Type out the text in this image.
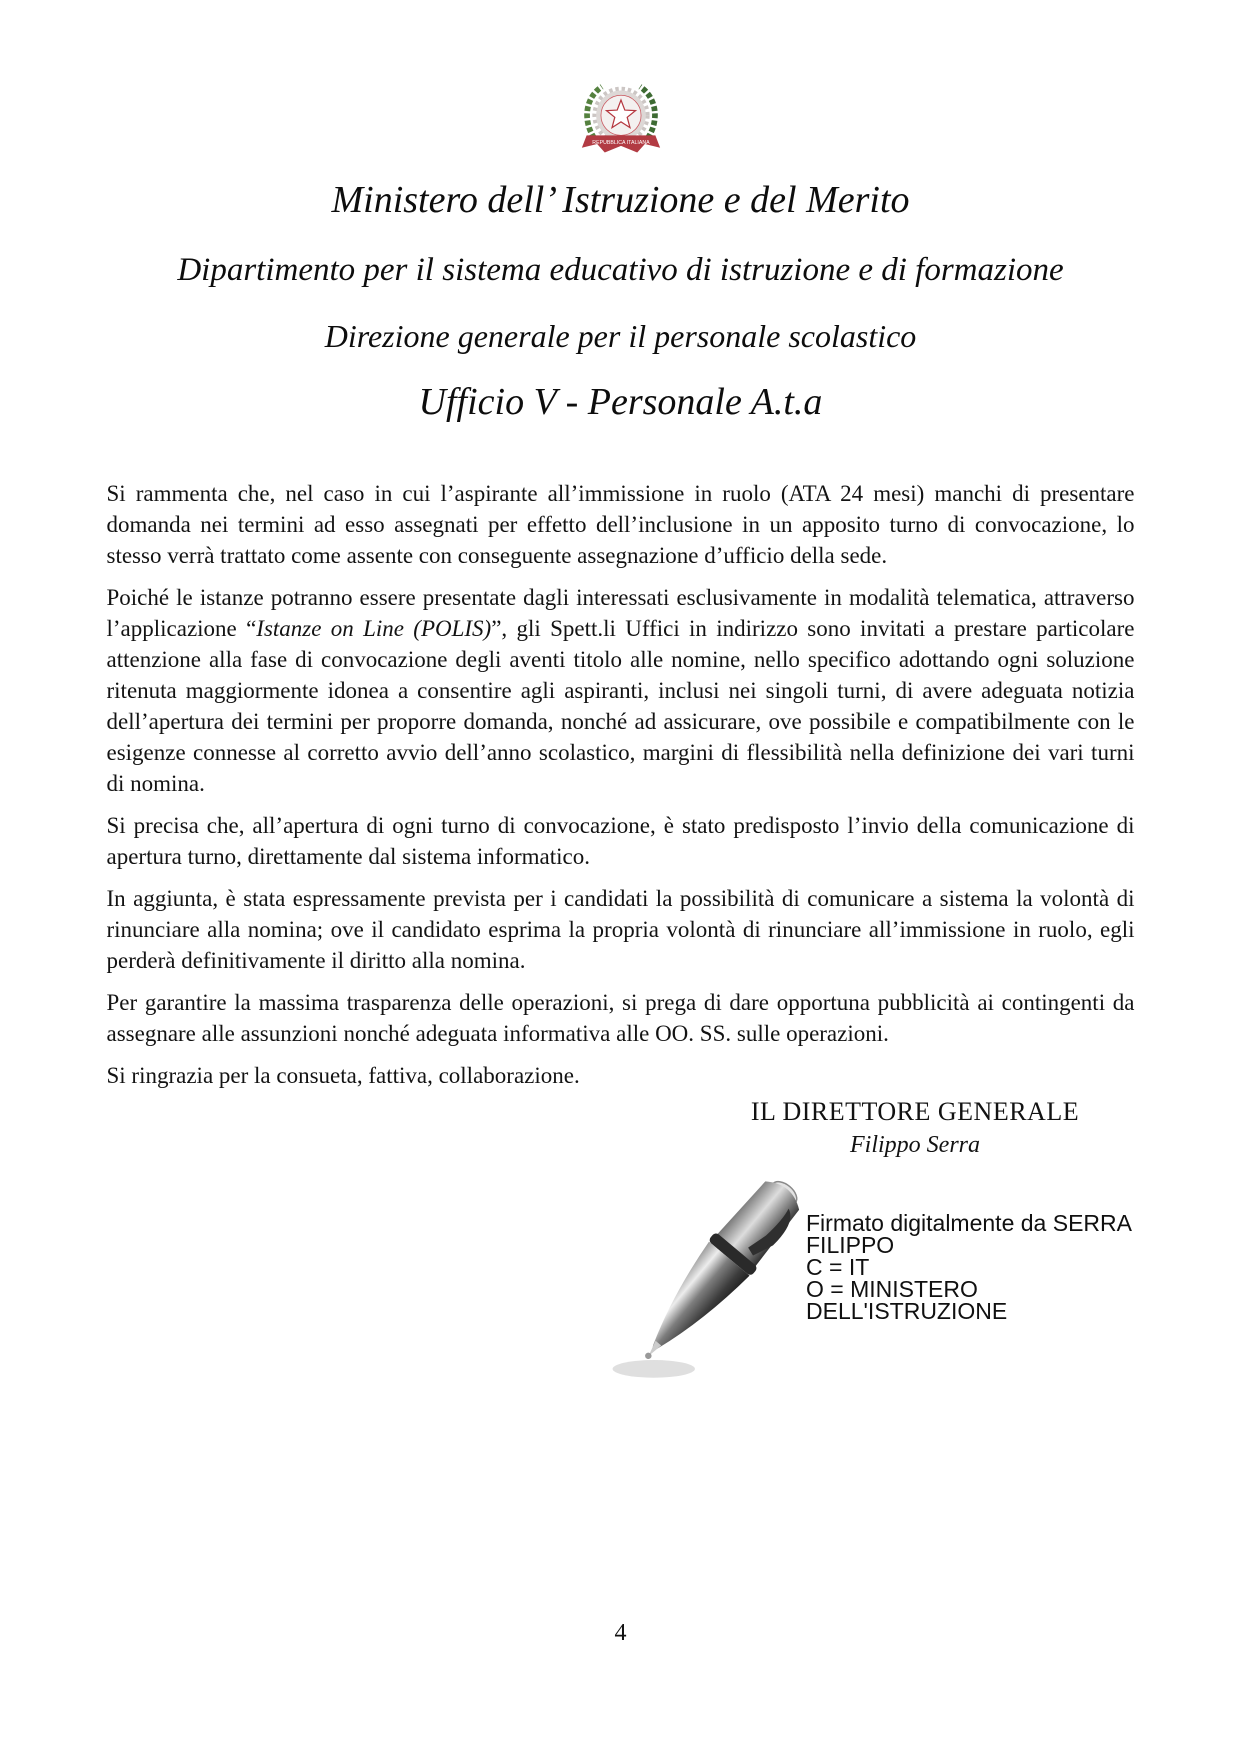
REPUBBLICA ITALIANA
Ministero dell’ Istruzione e del Merito
Dipartimento per il sistema educativo di istruzione e di formazione
Direzione generale per il personale scolastico
Ufficio V - Personale A.t.a

Si rammenta che, nel caso in cui l’aspirante all’immissione in ruolo (ATA 24 mesi) manchi di presentare domanda nei termini ad esso assegnati per effetto dell’inclusione in un apposito turno di convocazione, lo stesso verrà trattato come assente con conseguente assegnazione d’ufficio della sede.

Poiché le istanze potranno essere presentate dagli interessati esclusivamente in modalità telematica, attraverso l’applicazione “Istanze on Line (POLIS)”, gli Spett.li Uffici in indirizzo sono invitati a prestare particolare attenzione alla fase di convocazione degli aventi titolo alle nomine, nello specifico adottando ogni soluzione ritenuta maggiormente idonea a consentire agli aspiranti, inclusi nei singoli turni, di avere adeguata notizia dell’apertura dei termini per proporre domanda, nonché ad assicurare, ove possibile e compatibilmente con le esigenze connesse al corretto avvio dell’anno scolastico, margini di flessibilità nella definizione dei vari turni di nomina.

Si precisa che, all’apertura di ogni turno di convocazione, è stato predisposto l’invio della comunicazione di apertura turno, direttamente dal sistema informatico.

In aggiunta, è stata espressamente prevista per i candidati la possibilità di comunicare a sistema la volontà di rinunciare alla nomina; ove il candidato esprima la propria volontà di rinunciare all’immissione in ruolo, egli perderà definitivamente il diritto alla nomina.

Per garantire la massima trasparenza delle operazioni, si prega di dare opportuna pubblicità ai contingenti da assegnare alle assunzioni nonché adeguata informativa alle OO. SS. sulle operazioni.

Si ringrazia per la consueta, fattiva, collaborazione.

IL DIRETTORE GENERALE
Filippo Serra
Firmato digitalmente da SERRA
FILIPPO
C = IT
O = MINISTERO
DELL'ISTRUZIONE
4
